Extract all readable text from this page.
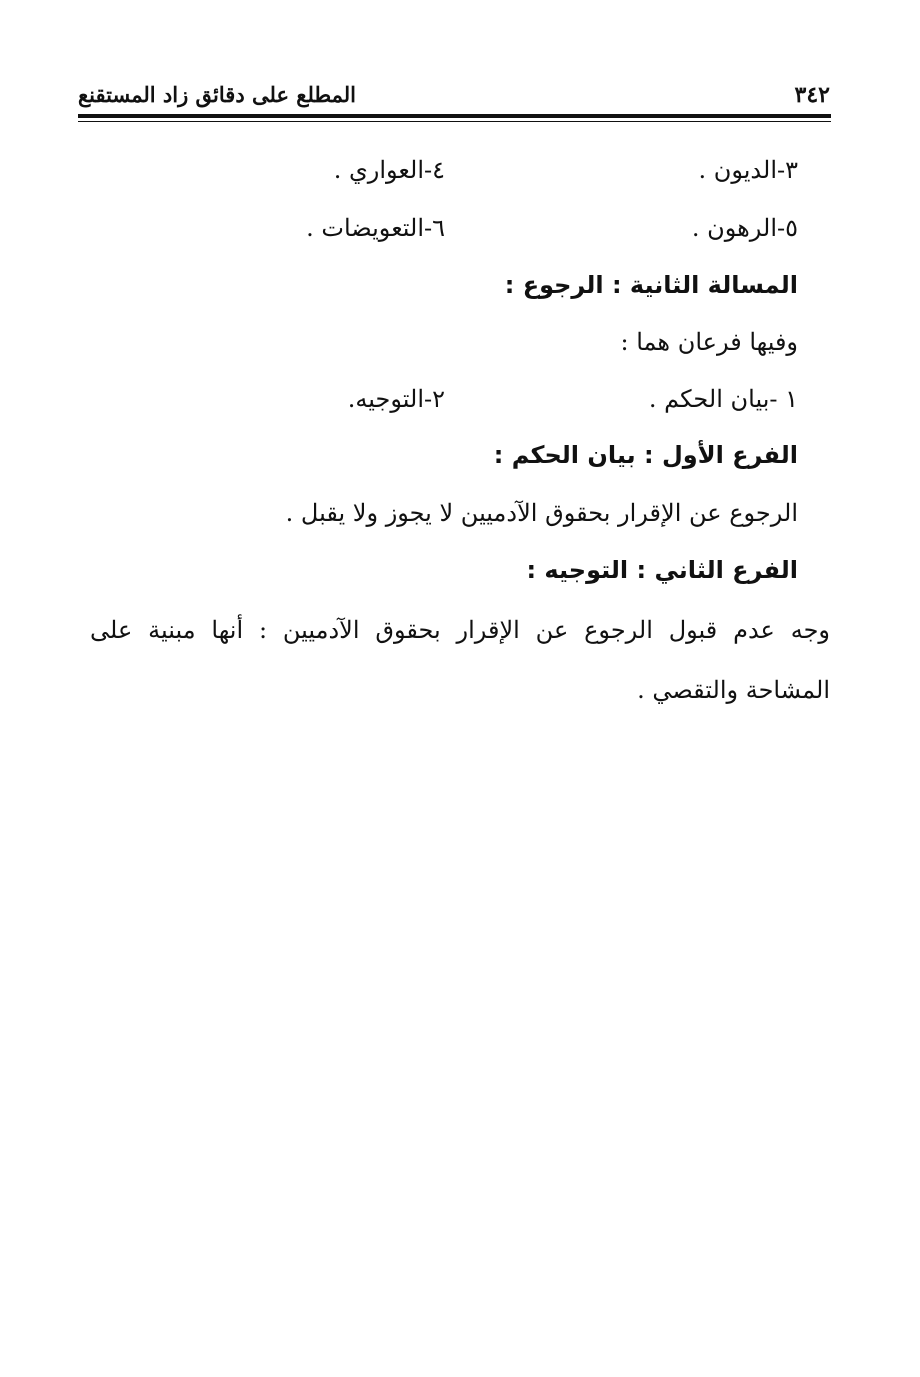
٣٤٢
المطلع على دقائق زاد المستقنع
٣-الديون .
٤-العواري .
٥-الرهون .
٦-التعويضات .
المسالة الثانية : الرجوع :
وفيها فرعان هما :
١ -بيان الحكم .
٢-التوجيه.
الفرع الأول : بيان الحكم :
الرجوع عن الإقرار بحقوق الآدميين لا يجوز ولا يقبل .
الفرع الثاني : التوجيه :
وجه عدم قبول الرجوع عن الإقرار بحقوق الآدميين : أنها مبنية على المشاحة والتقصي .
